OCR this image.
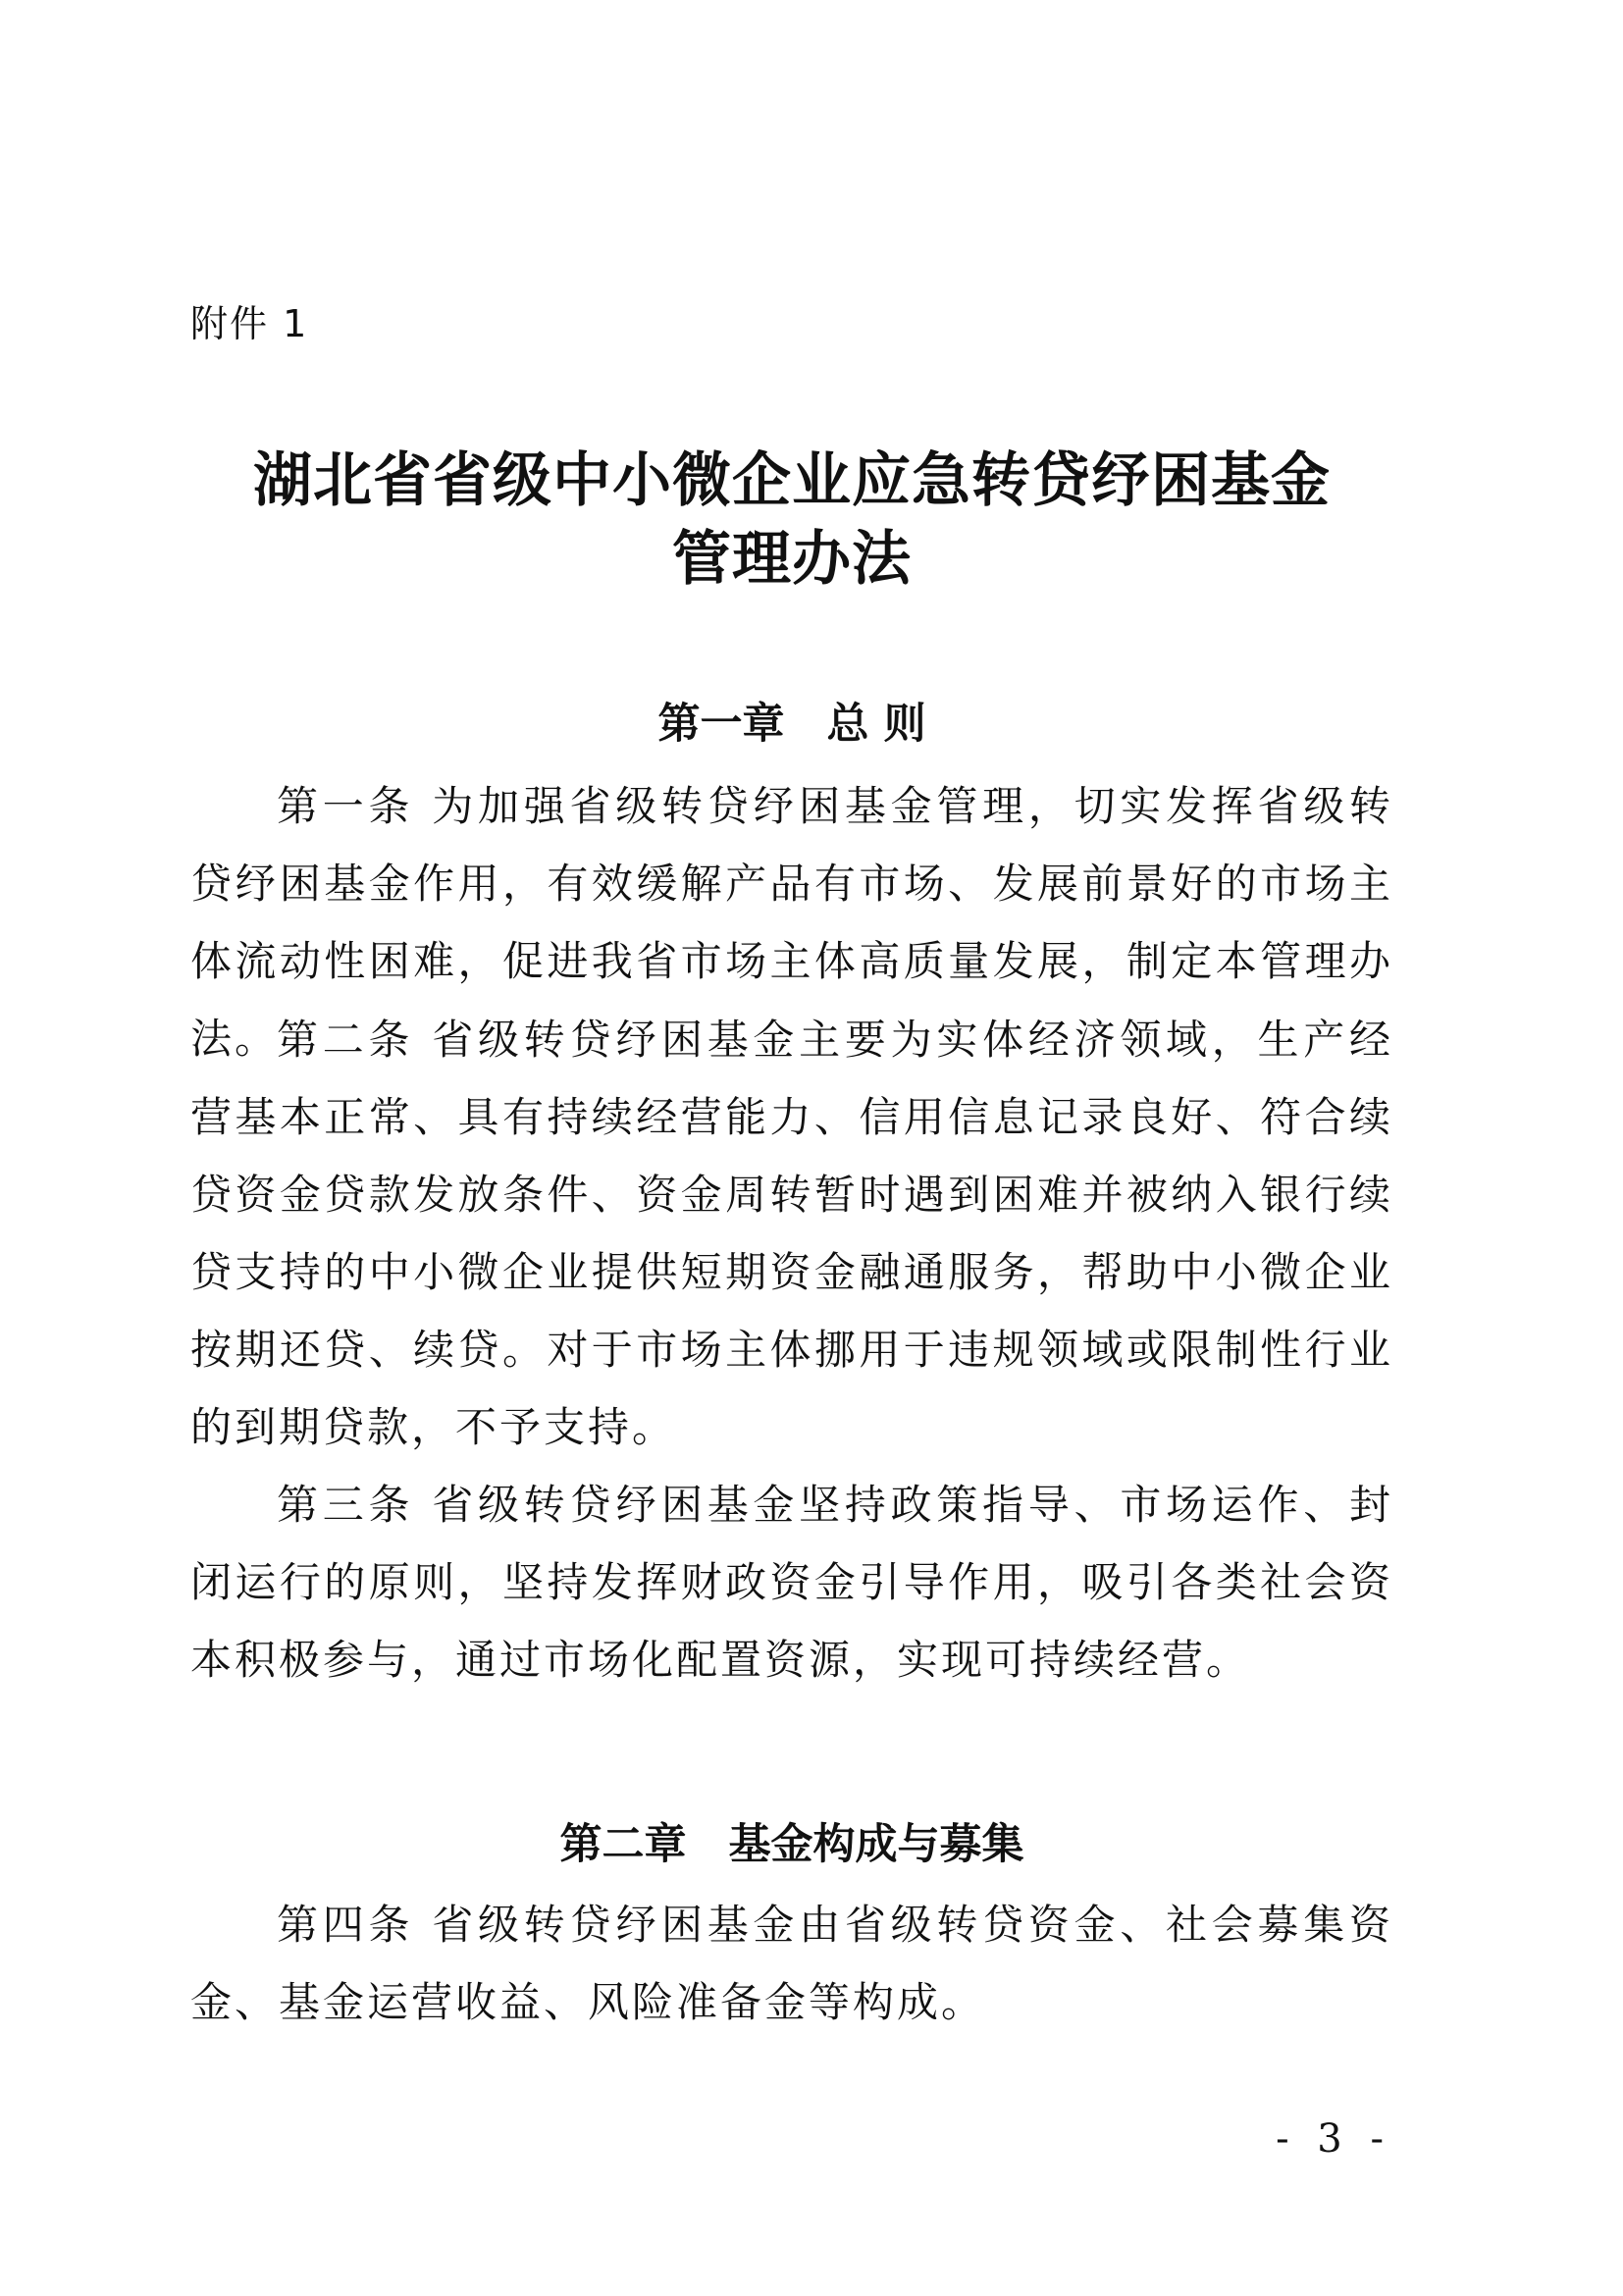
附件 1
湖北省省级中小微企业应急转贷纾困基金
管理办法
第一章　总 则

第一条 为加强省级转贷纾困基金管理，切实发挥省级转贷纾困基金作用，有效缓解产品有市场、发展前景好的市场主体流动性困难，促进我省市场主体高质量发展，制定本管理办法。

第二条 省级转贷纾困基金主要为实体经济领域，生产经营基本正常、具有持续经营能力、信用信息记录良好、符合续贷资金贷款发放条件、资金周转暂时遇到困难并被纳入银行续贷支持的中小微企业提供短期资金融通服务，帮助中小微企业按期还贷、续贷。对于市场主体挪用于违规领域或限制性行业的到期贷款，不予支持。

第三条 省级转贷纾困基金坚持政策指导、市场运作、封闭运行的原则，坚持发挥财政资金引导作用，吸引各类社会资本积极参与，通过市场化配置资源，实现可持续经营。

第二章　基金构成与募集

第四条 省级转贷纾困基金由省级转贷资金、社会募集资金、基金运营收益、风险准备金等构成。

- 3 -
